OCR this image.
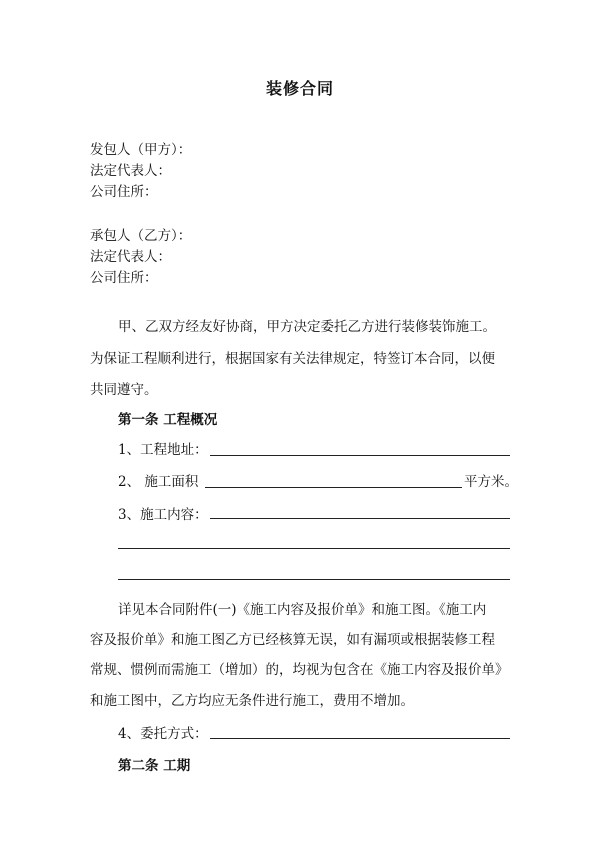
装修合同
发包人（甲方）：
法定代表人：
公司住所：
承包人（乙方）：
法定代表人：
公司住所：
甲、乙双方经友好协商，甲方决定委托乙方进行装修装饰施工。
为保证工程顺利进行，根据国家有关法律规定，特签订本合同，以便
共同遵守。
第一条 工程概况
1、工程地址：
2、 施工面积	平方米。
3、施工内容：
详见本合同附件(一)《施工内容及报价单》和施工图。《施工内
容及报价单》和施工图乙方已经核算无误，如有漏项或根据装修工程
常规、惯例而需施工（增加）的，均视为包含在《施工内容及报价单》
和施工图中，乙方均应无条件进行施工，费用不增加。
4、委托方式：
第二条 工期
